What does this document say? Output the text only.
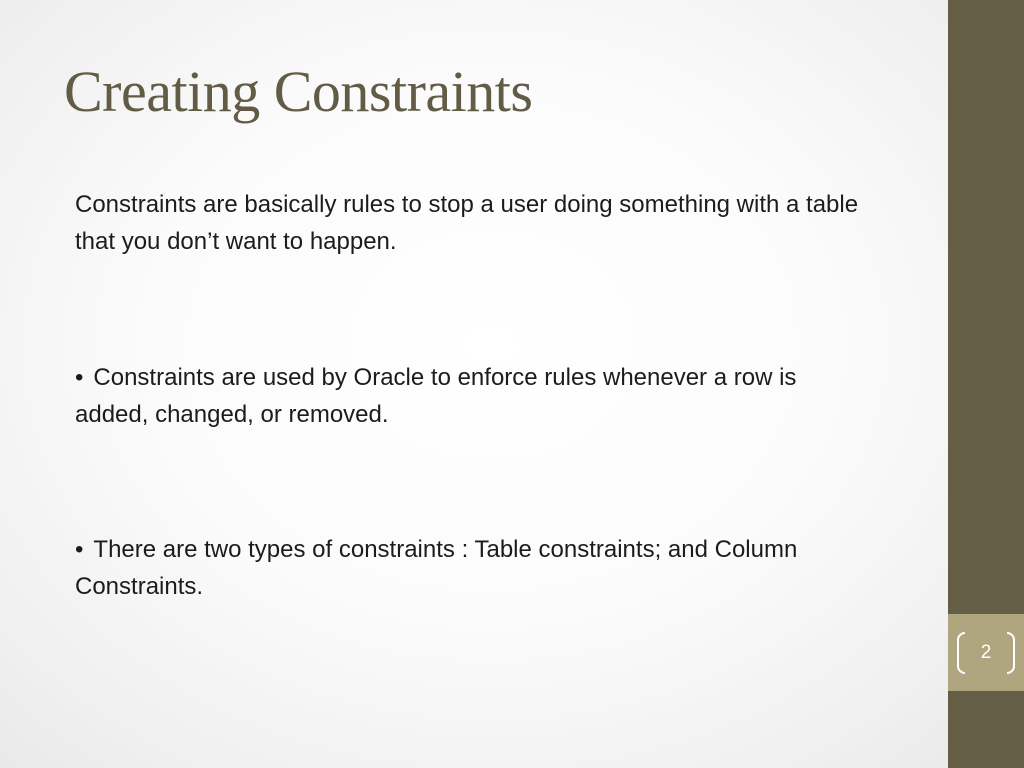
Creating Constraints

Constraints are basically rules to stop a user doing something with a table that you don’t want to happen.

• Constraints are used by Oracle to enforce rules whenever a row is added, changed, or removed.

• There are two types of constraints : Table constraints; and Column Constraints.

2
